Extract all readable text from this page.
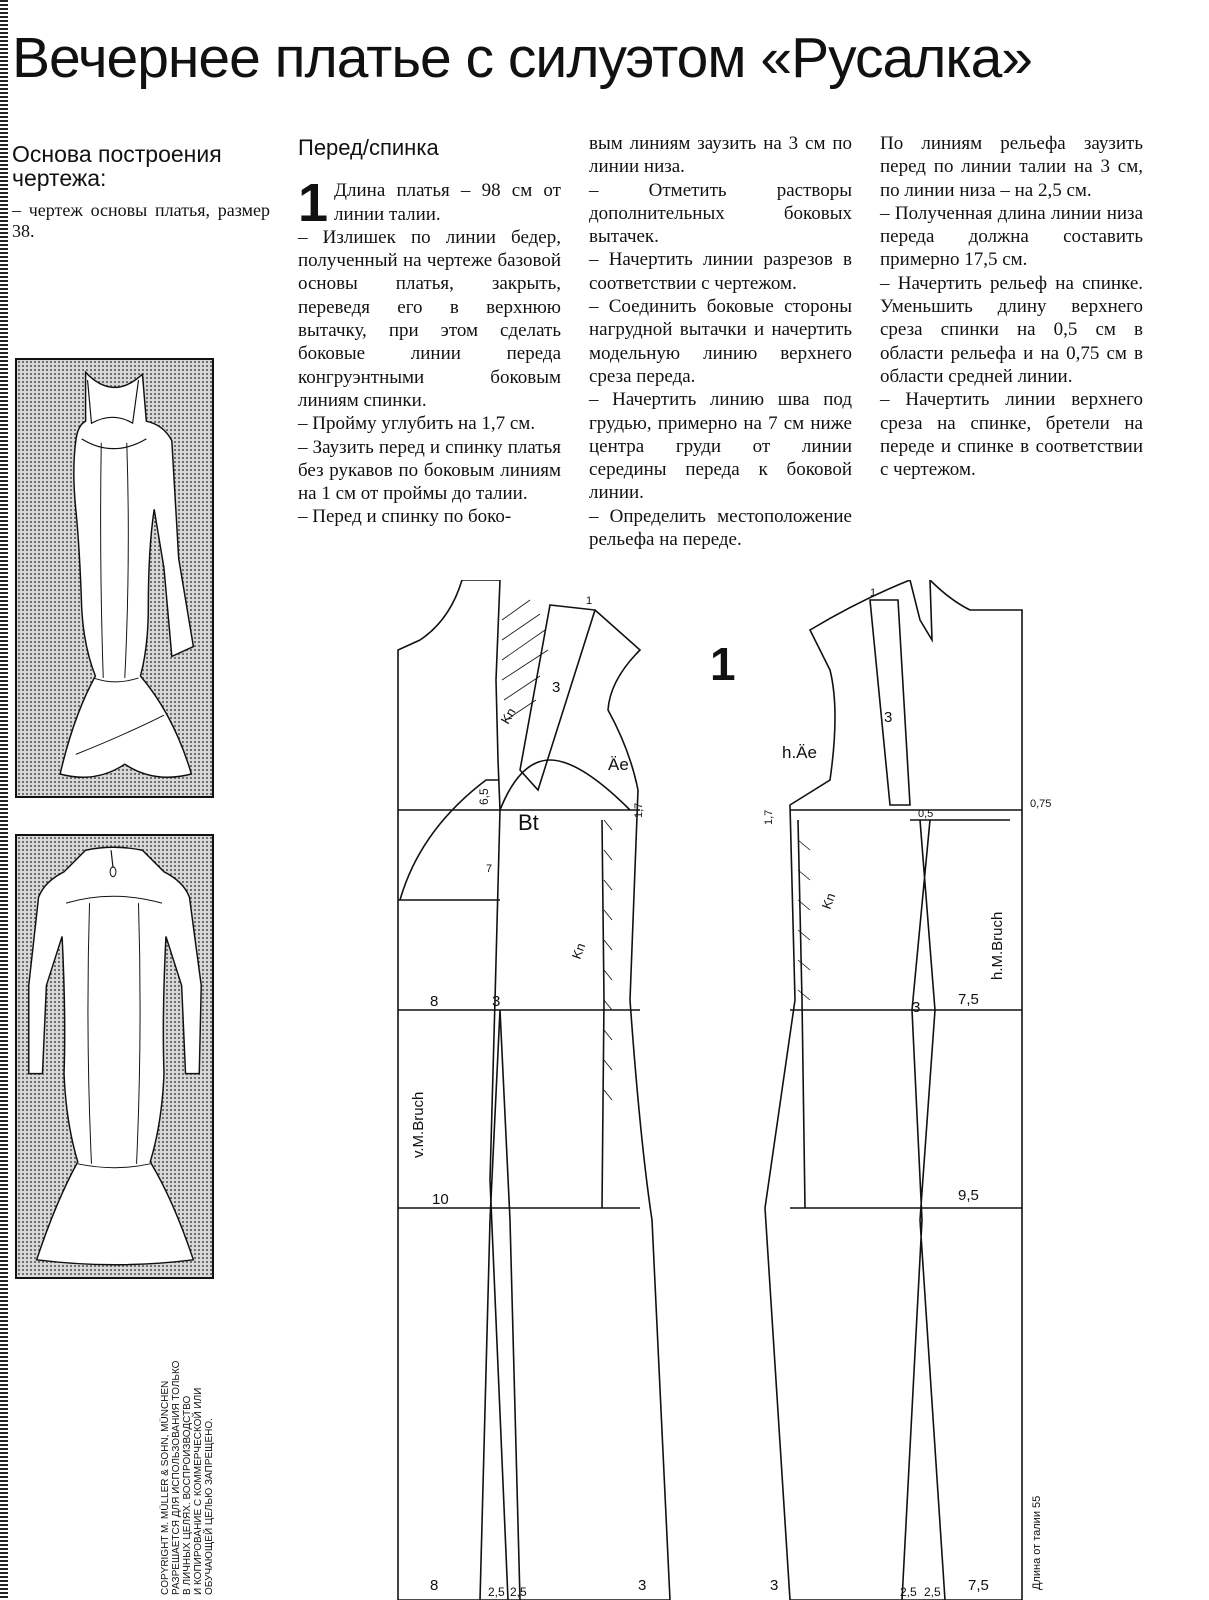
Вечернее платье с силуэтом «Русалка»
Основа построения чертежа:

– чертеж основы платья, размер 38.

Перед/спинка
1 Длина платья – 98 см от линии талии.

– Излишек по линии бедер, полученный на чертеже базовой основы платья, закрыть, переведя его в верхнюю вытачку, при этом сделать боковые линии переда конгруэнтными боковым линиям спинки.

– Пройму углубить на 1,7 см.

– Заузить перед и спинку платья без рукавов по боковым линиям на 1 см от проймы до талии.

– Перед и спинку по боко-

вым линиям заузить на 3 см по линии низа.

– Отметить растворы дополнительных боковых вытачек.

– Начертить линии разрезов в соответствии с чертежом.

– Соединить боковые стороны нагрудной вытачки и начертить модельную линию верхнего среза переда.

– Начертить линию шва под грудью, примерно на 7 см ниже центра груди от линии середины переда к боковой линии.

– Определить местоположение рельефа на переде.

По линиям рельефа заузить перед по линии талии на 3 см, по линии низа – на 2,5 см.

– Полученная длина линии низа переда должна составить примерно 17,5 см.

– Начертить рельеф на спинке. Уменьшить длину верхнего среза спинки на 0,5 см в области рельефа и на 0,75 см в области средней линии.

– Начертить линии верхнего среза на спинке, бретели на переде и спинке в соответствии с чертежом.

COPYRIGHT M. MÜLLER & SOHN, MÜNCHEN
РАЗРЕШАЕТСЯ ДЛЯ ИСПОЛЬЗОВАНИЯ ТОЛЬКО
В ЛИЧНЫХ ЦЕЛЯХ. ВОСПРОИЗВОДСТВО
И КОПИРОВАНИЕ С КОММЕРЧЕСКОЙ ИЛИ
ОБУЧАЮЩЕЙ ЦЕЛЬЮ ЗАПРЕЩЕНО.
1
Äe
h.Äe
Bt
Kn
Kn
Kn
v.M.Bruch
h.M.Bruch
Длина от талии 55
1
3
6,5
1,7
7
8	3
10
8	2,5 2,5	3
1
3
1,7	0,5
0,75
3	7,5
9,5
3	2,5 2,5 7,5
